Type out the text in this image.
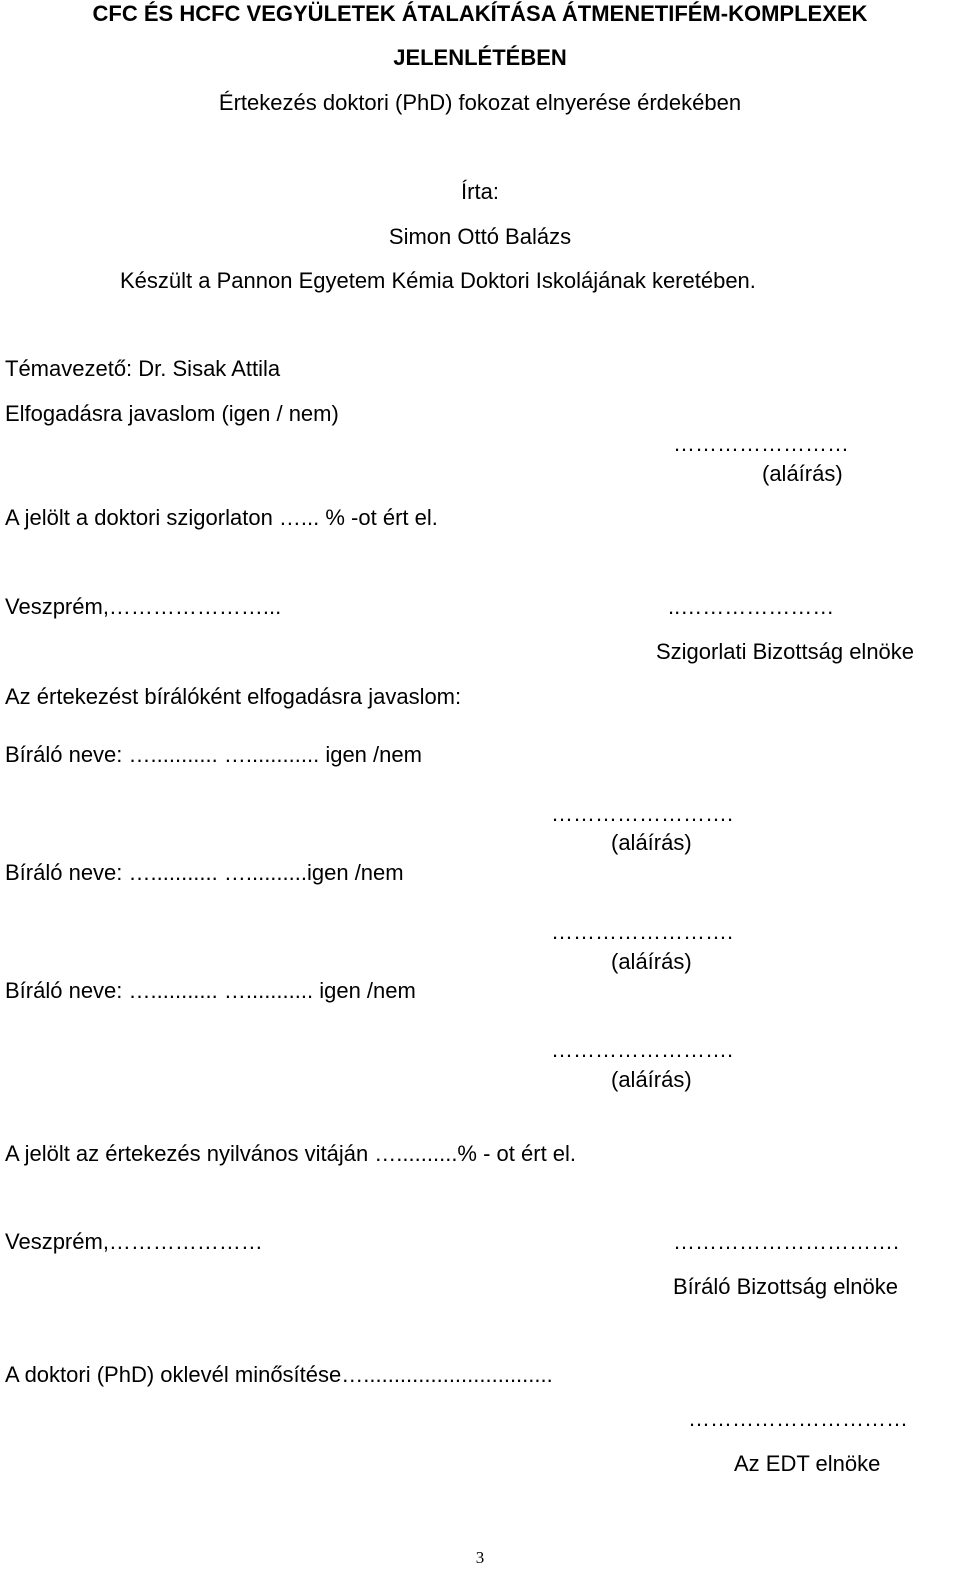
CFC ÉS HCFC VEGYÜLETEK ÁTALAKÍTÁSA ÁTMENETIFÉM-KOMPLEXEK
JELENLÉTÉBEN
Értekezés doktori (PhD) fokozat elnyerése érdekében
Írta:
Simon Ottó Balázs
Készült a Pannon Egyetem Kémia Doktori Iskolájának keretében.
Témavezető: Dr. Sisak Attila
Elfogadásra javaslom (igen / nem)
……………………
(aláírás)
A jelölt a doktori szigorlaton …... % -ot ért el.
Veszprém,…………………...	..…………………
Szigorlati Bizottság elnöke
Az értekezést bírálóként elfogadásra javaslom:
Bíráló neve: …........... …............ igen /nem
…………………….
(aláírás)
Bíráló neve: …........... …..........igen /nem
…………………….
(aláírás)
Bíráló neve: …........... …........... igen /nem
…………………….
(aláírás)
A jelölt az értekezés nyilvános vitáján …..........% - ot ért el.
Veszprém,…………………	………………………….
Bíráló Bizottság elnöke
A doktori (PhD) oklevél minősítése…...............................
…………………………
Az EDT elnöke
3
